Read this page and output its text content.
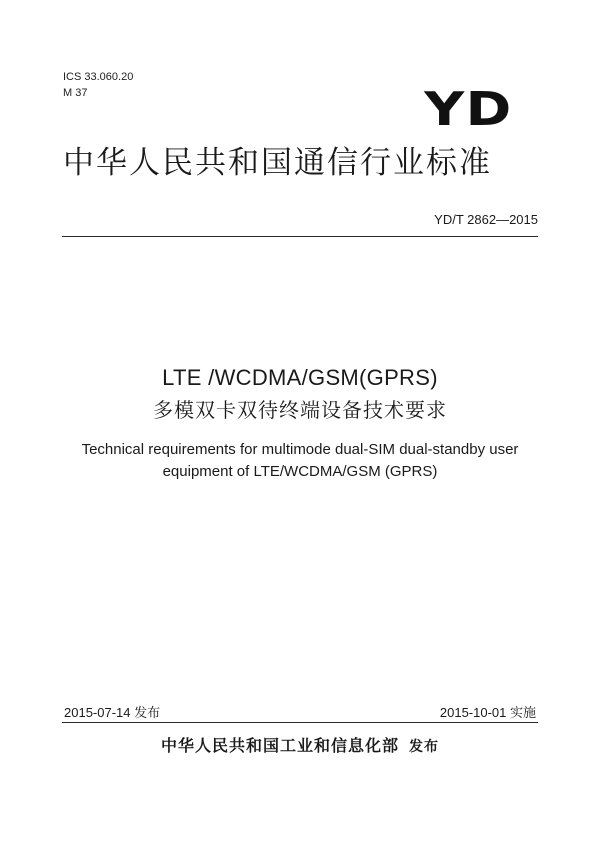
ICS 33.060.20
M 37	YD
中华人民共和国通信行业标准
YD/T 2862—2015
LTE /WCDMA/GSM(GPRS)
多模双卡双待终端设备技术要求
Technical requirements for multimode dual-SIM dual-standby user
equipment of LTE/WCDMA/GSM (GPRS)
2015-07-14 发布	2015-10-01 实施
中华人民共和国工业和信息化部 发布
